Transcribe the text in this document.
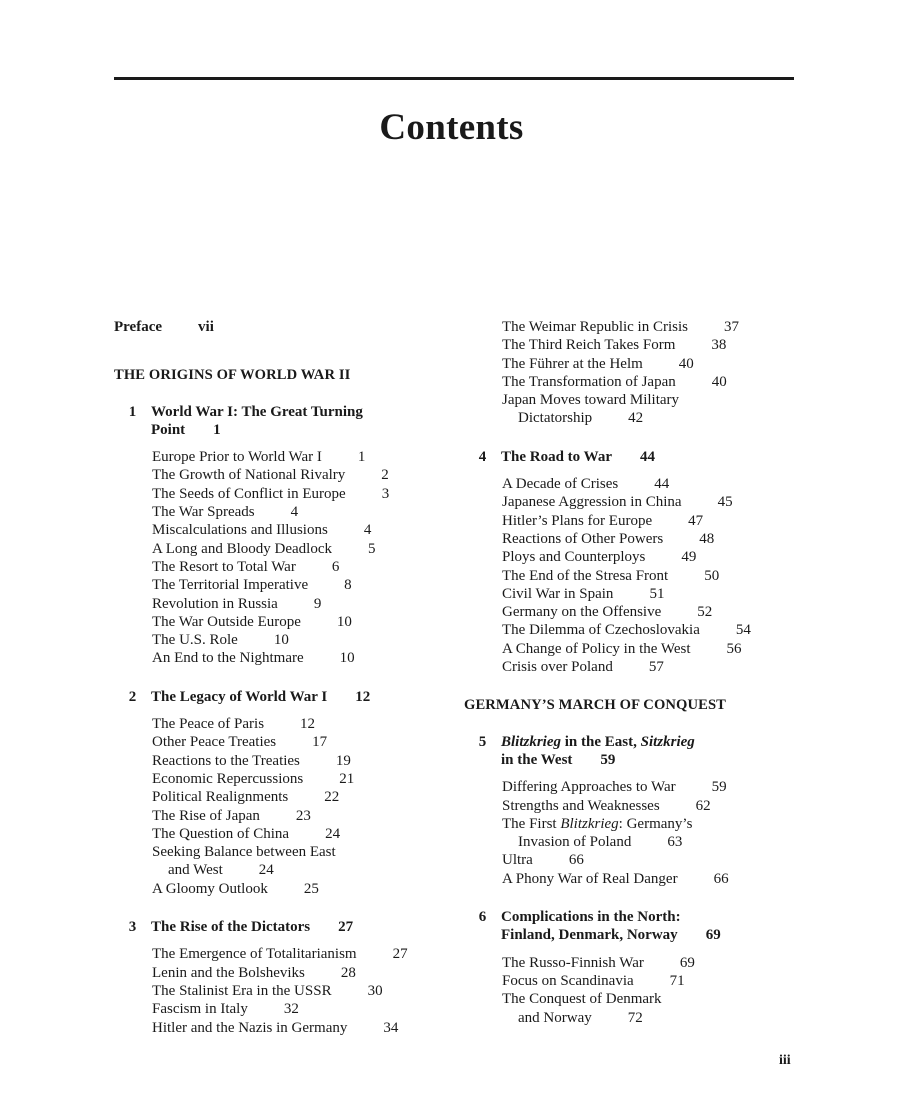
Contents
Preface vii
THE ORIGINS OF WORLD WAR II
1 World War I: The Great Turning
Point 1
Europe Prior to World War I 1
The Growth of National Rivalry 2
The Seeds of Conflict in Europe 3
The War Spreads 4
Miscalculations and Illusions 4
A Long and Bloody Deadlock 5
The Resort to Total War 6
The Territorial Imperative 8
Revolution in Russia 9
The War Outside Europe 10
The U.S. Role 10
An End to the Nightmare 10
2 The Legacy of World War I 12
The Peace of Paris 12
Other Peace Treaties 17
Reactions to the Treaties 19
Economic Repercussions 21
Political Realignments 22
The Rise of Japan 23
The Question of China 24
Seeking Balance between East

and West 24
A Gloomy Outlook 25
3 The Rise of the Dictators 27
The Emergence of Totalitarianism 27
Lenin and the Bolsheviks 28
The Stalinist Era in the USSR 30
Fascism in Italy 32
Hitler and the Nazis in Germany 34
The Weimar Republic in Crisis 37
The Third Reich Takes Form 38
The Führer at the Helm 40
The Transformation of Japan 40
Japan Moves toward Military

Dictatorship 42
4 The Road to War 44
A Decade of Crises 44
Japanese Aggression in China 45
Hitler’s Plans for Europe 47
Reactions of Other Powers 48
Ploys and Counterploys 49
The End of the Stresa Front 50
Civil War in Spain 51
Germany on the Offensive 52
The Dilemma of Czechoslovakia 54
A Change of Policy in the West 56
Crisis over Poland 57
GERMANY’S MARCH OF CONQUEST
5 Blitzkrieg in the East, Sitzkrieg
in the West 59
Differing Approaches to War 59
Strengths and Weaknesses 62
The First Blitzkrieg: Germany’s

Invasion of Poland 63
Ultra 66
A Phony War of Real Danger 66
6 Complications in the North:
Finland, Denmark, Norway 69
The Russo-Finnish War 69
Focus on Scandinavia 71
The Conquest of Denmark

and Norway 72
iii
